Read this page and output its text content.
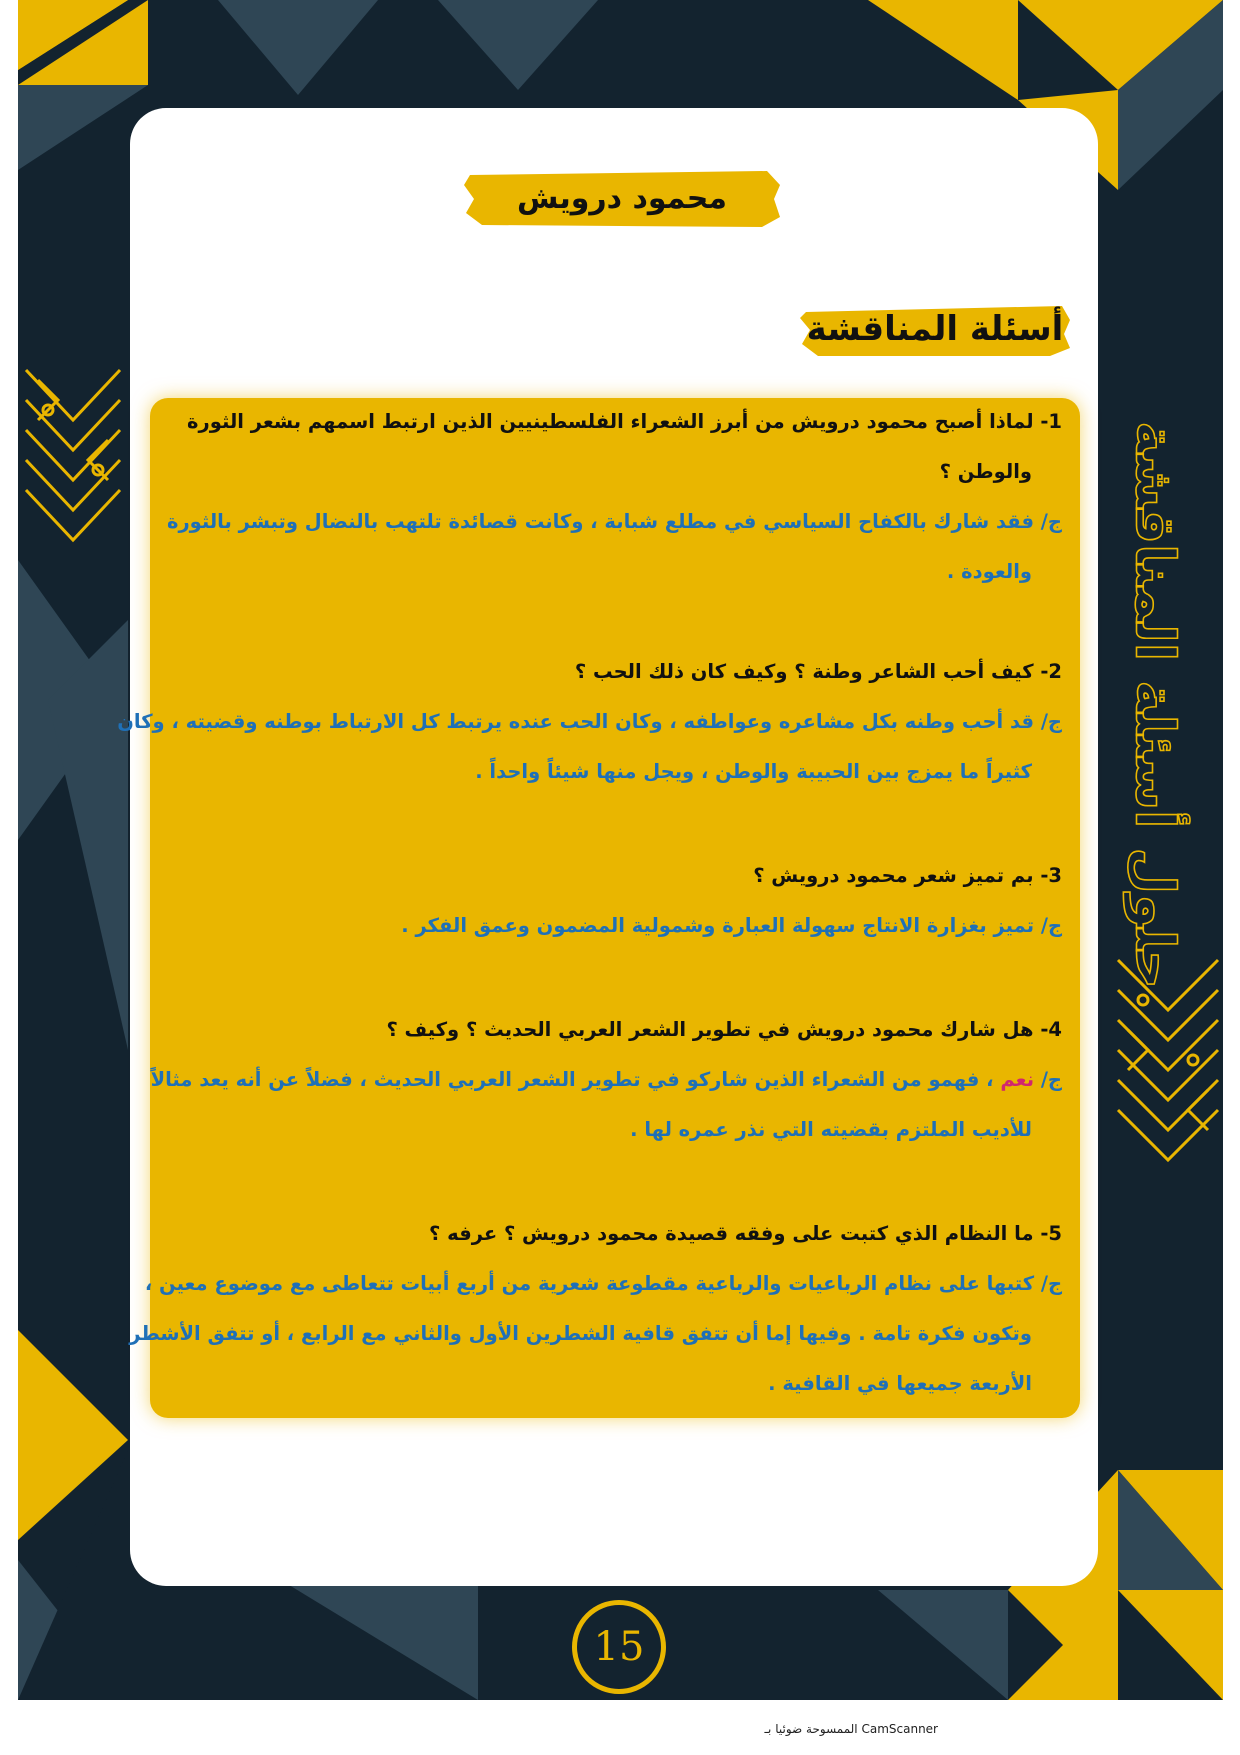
محمود درويش
أسئلة المناقشة
1- لماذا أصبح محمود درويش من أبرز الشعراء الفلسطينيين الذين ارتبط اسمهم بشعر الثورة
والوطن ؟
ج/ فقد شارك بالكفاح السياسي في مطلع شبابة ، وكانت قصائدة تلتهب بالنضال وتبشر بالثورة
والعودة .
2- كيف أحب الشاعر وطنة ؟ وكيف كان ذلك الحب ؟
ج/ قد أحب وطنه بكل مشاعره وعواطفه ، وكان الحب عنده يرتبط كل الارتباط بوطنه وقضيته ، وكان
كثيراً ما يمزج بين الحبيبة والوطن ، ويجل منها شيئاً واحداً .
3- بم تميز شعر محمود درويش ؟
ج/ تميز بغزارة الانتاج سهولة العبارة وشمولية المضمون وعمق الفكر .
4- هل شارك محمود درويش في تطوير الشعر العربي الحديث ؟ وكيف ؟
ج/ نعم ، فهمو من الشعراء الذين شاركو في تطوير الشعر العربي الحديث ، فضلاً عن أنه يعد مثالاً
للأديب الملتزم بقضيته التي نذر عمره لها .
5- ما النظام الذي كتبت على وفقه قصيدة محمود درويش ؟ عرفه ؟
ج/ كتبها على نظام الرباعيات والرباعية مقطوعة شعرية من أربع أبيات تتعاطى مع موضوع معين ،
وتكون فكرة تامة . وفيها إما أن تتفق قافية الشطرين الأول والثاني مع الرابع ، أو تتفق الأشطر
الأربعة جميعها في القافية .
حلول أسئلة المناقشة
15
الممسوحة ضوئيا بـ CamScanner
